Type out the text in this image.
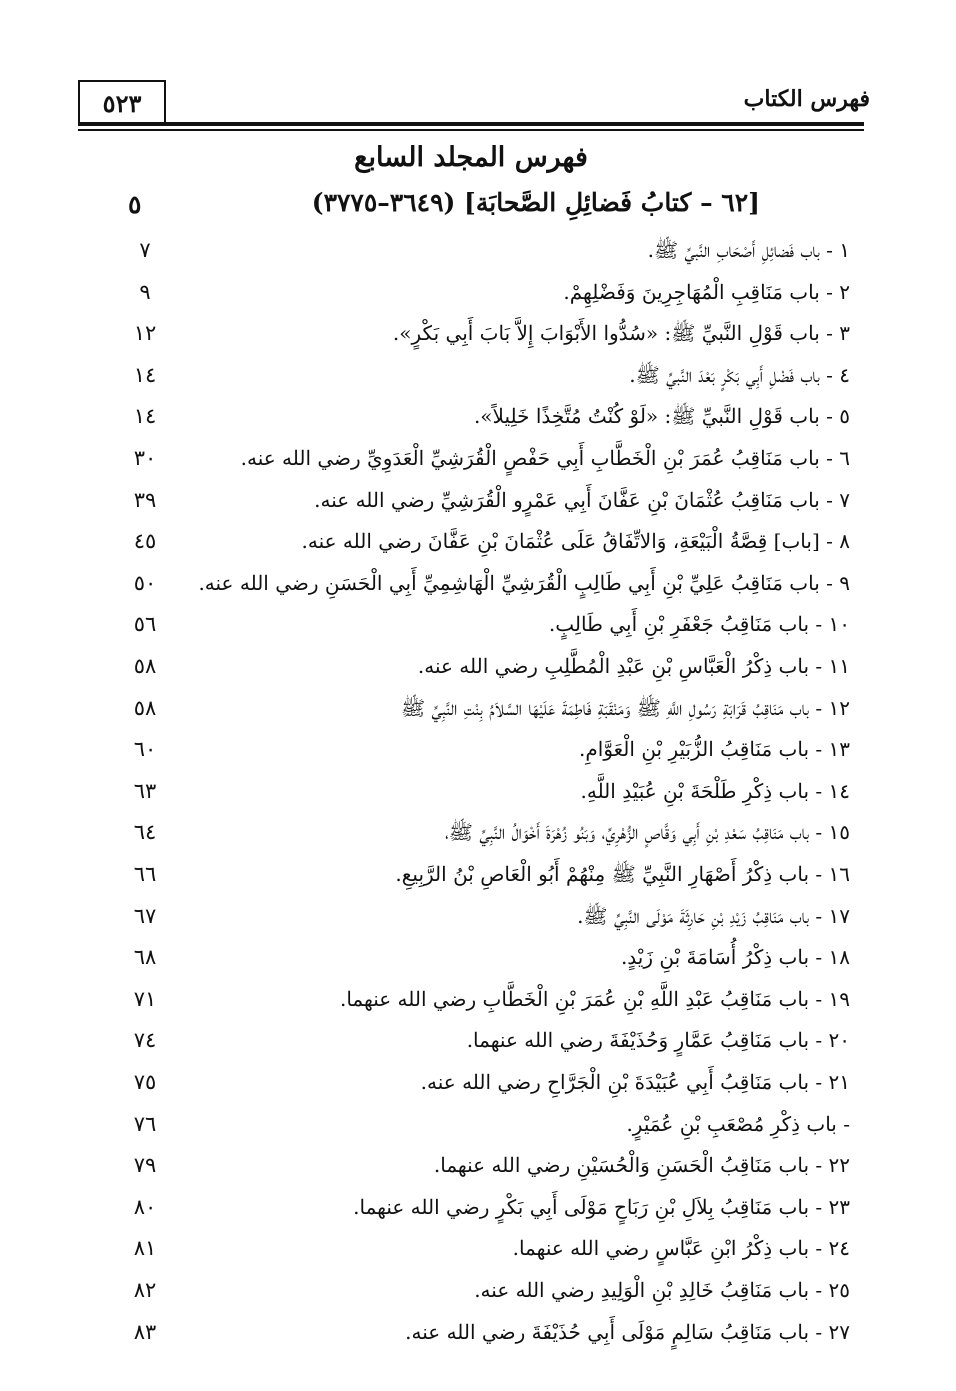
٥٢٣	فهرس الكتاب
فهرس المجلد السابع
[٦٢ – كتابُ فَضائِلِ الصَّحابَة] (٣٦٤٩–٣٧٧٥)
٥
١ - باب فَضائِلِ أَصْحَابِ النَّبيِّ ﷺ.
٧
٢ - باب مَنَاقِبِ الْمُهَاجِرِينَ وَفَضْلِهِمْ.
٩
٣ - باب قَوْلِ النَّبيِّ ﷺ: «سُدُّوا الأَبْوَابَ إِلاَّ بَابَ أَبِي بَكْرٍ».
١٢
٤ - باب فَضْلِ أَبِي بَكْرٍ بَعْدَ النَّبيِّ ﷺ.
١٤
٥ - باب قَوْلِ النَّبيِّ ﷺ: «لَوْ كُنْتُ مُتَّخِذًا خَلِيلاً».
١٤
٦ - باب مَنَاقِبُ عُمَرَ بْنِ الْخَطَّابِ أَبِي حَفْصٍ الْقُرَشِيِّ الْعَدَوِيِّ رضي الله عنه.
٣٠
٧ - باب مَنَاقِبُ عُثْمَانَ بْنِ عَفَّانَ أَبِي عَمْرٍو الْقُرَشِيِّ رضي الله عنه.
٣٩
٨ - [باب] قِصَّةُ الْبَيْعَةِ، وَالاتِّفَاقُ عَلَى عُثْمَانَ بْنِ عَفَّانَ رضي الله عنه.
٤٥
٩ - باب مَنَاقِبُ عَلِيِّ بْنِ أَبِي طَالِبٍ الْقُرَشِيِّ الْهَاشِمِيِّ أَبِي الْحَسَنِ رضي الله عنه.
٥٠
١٠ - باب مَنَاقِبُ جَعْفَرِ بْنِ أَبِي طَالِبٍ.
٥٦
١١ - باب ذِكْرُ الْعَبَّاسِ بْنِ عَبْدِ الْمُطَّلِبِ رضي الله عنه.
٥٨
١٢ - باب مَنَاقِبُ قَرَابَةِ رَسُولِ اللَّهِ ﷺ وَمَنْقَبَةِ فَاطِمَةَ عَلَيْهَا السَّلاَمُ بِنْتِ النَّبِيِّ ﷺ
٥٨
١٣ - باب مَنَاقِبُ الزُّبَيْرِ بْنِ الْعَوَّامِ.
٦٠
١٤ - باب ذِكْرِ طَلْحَةَ بْنِ عُبَيْدِ اللَّهِ.
٦٣
١٥ - باب مَنَاقِبُ سَعْدِ بْنِ أَبِي وَقَّاصٍ الزُّهْرِيِّ، وَبَنُو زُهْرَةَ أَخْوَالُ النَّبِيِّ ﷺ،
٦٤
١٦ - باب ذِكْرُ أَصْهَارِ النَّبِيِّ ﷺ مِنْهُمْ أَبُو الْعَاصِ بْنُ الرَّبِيعِ.
٦٦
١٧ - باب مَنَاقِبُ زَيْدِ بْنِ حَارِثَةَ مَوْلَى النَّبِيِّ ﷺ.
٦٧
١٨ - باب ذِكْرُ أُسَامَةَ بْنِ زَيْدٍ.
٦٨
١٩ - باب مَنَاقِبُ عَبْدِ اللَّهِ بْنِ عُمَرَ بْنِ الْخَطَّابِ رضي الله عنهما.
٧١
٢٠ - باب مَنَاقِبُ عَمَّارٍ وَحُذَيْفَةَ رضي الله عنهما.
٧٤
٢١ - باب مَنَاقِبُ أَبِي عُبَيْدَةَ بْنِ الْجَرَّاحِ رضي الله عنه.
٧٥
- باب ذِكْرِ مُصْعَبِ بْنِ عُمَيْرٍ.
٧٦
٢٢ - باب مَنَاقِبُ الْحَسَنِ وَالْحُسَيْنِ رضي الله عنهما.
٧٩
٢٣ - باب مَنَاقِبُ بِلاَلِ بْنِ رَبَاحٍ مَوْلَى أَبِي بَكْرٍ رضي الله عنهما.
٨٠
٢٤ - باب ذِكْرُ ابْنِ عَبَّاسٍ رضي الله عنهما.
٨١
٢٥ - باب مَنَاقِبُ خَالِدِ بْنِ الْوَلِيدِ رضي الله عنه.
٨٢
٢٧ - باب مَنَاقِبُ سَالِمٍ مَوْلَى أَبِي حُذَيْفَةَ رضي الله عنه.
٨٣
